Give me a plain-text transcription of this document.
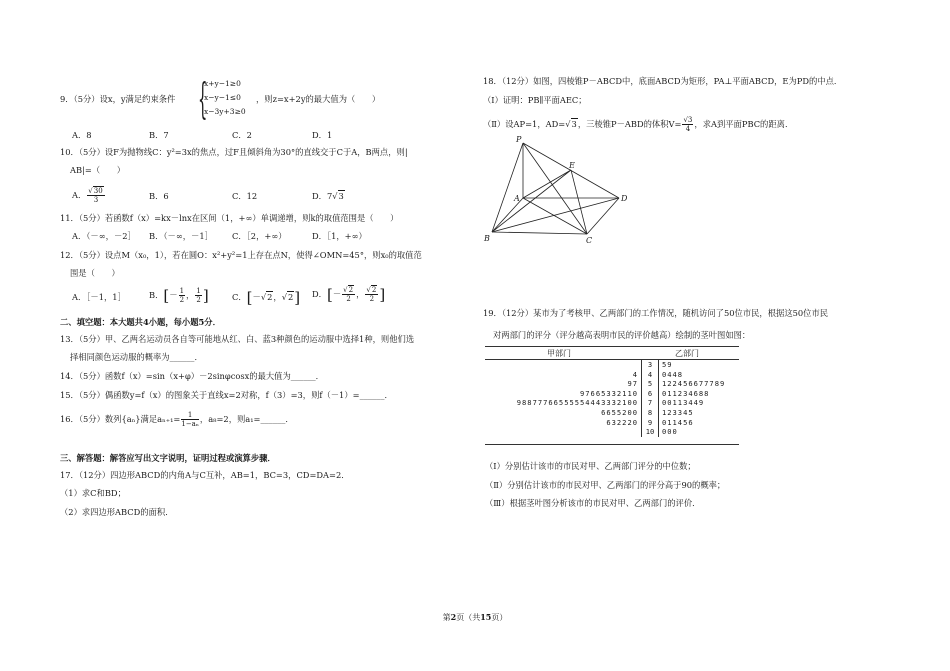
9．（5分）设x，y满足约束条件 {
x+y−1≥0
x−y−1≤0
x−3y+3≥0
，则z=x+2y的最大值为（　　）
A．8	B．7	C．2	D．1
10．（5分）设F为抛物线C：y²=3x的焦点，过F且倾斜角为30°的直线交于C于A，B两点，则|
AB|=（　　）
A． $\frac{√30}{3}$	B．6	C．12	D．7√3
11．（5分）若函数f（x）=kx－lnx在区间（1，+∞）单调递增，则k的取值范围是（　　）
A．（－∞，－2］ B．（－∞，－1］ C．［2，+∞）	D．［1，+∞）
12．（5分）设点M（x₀，1），若在圆O：x²+y²=1上存在点N，使得∠OMN=45°，则x₀的取值范
围是（　　）
A．［－1，1］	B．[－ $\frac{1}{2}$ ， $\frac{1}{2}$ ]	C．[－√2，√2] D．[－ $\frac{√2}{2}$ ， $\frac{√2}{2}$ ]
二、填空题：本大题共4小题，每小题5分．
13．（5分）甲、乙两名运动员各自等可能地从红、白、蓝3种颜色的运动服中选择1种，则他们选
择相同颜色运动服的概率为______．
14．（5分）函数f（x）=sin（x+φ）－2sinφcosx的最大值为______．
15．（5分）偶函数y=f（x）的图象关于直线x=2对称，f（3）=3，则f（－1）=______．
16．（5分）数列{aₙ}满足$a_{n+1}= \frac{1}{\text{1−aₙ}}$ ，a₈=2，则a₁=______．
三、解答题：解答应写出文字说明，证明过程或演算步骤．
17．（12分）四边形ABCD的内角A与C互补，AB=1，BC=3，CD=DA=2．
（1）求C和BD；
（2）求四边形ABCD的面积．
18．（12分）如图，四棱锥P－ABCD中，底面ABCD为矩形，PA⊥平面ABCD，E为PD的中点．
（Ⅰ）证明：PB∥平面AEC；
（Ⅱ）设AP=1，AD=√3，三棱锥P－ABD的体积$V= \frac{√3}{4}$ ，求A到平面PBC的距离．
P
E
A	D
B	C
19．（12分）某市为了考核甲、乙两部门的工作情况，随机访问了50位市民，根据这50位市民
对两部门的评分（评分越高表明市民的评价越高）绘制的茎叶图如图：
甲部门	乙部门
	3	59
4	4	0448
97	5	122456677789
97665332110	6	011234688
98877766555554443332100	7	00113449
6655200	8	123345
632220	9	011456
	10	000
（Ⅰ）分别估计该市的市民对甲、乙两部门评分的中位数；
（Ⅱ）分别估计该市的市民对甲、乙两部门的评分高于90的概率；
（Ⅲ）根据茎叶图分析该市的市民对甲、乙两部门的评价．
第2页（共15页）
